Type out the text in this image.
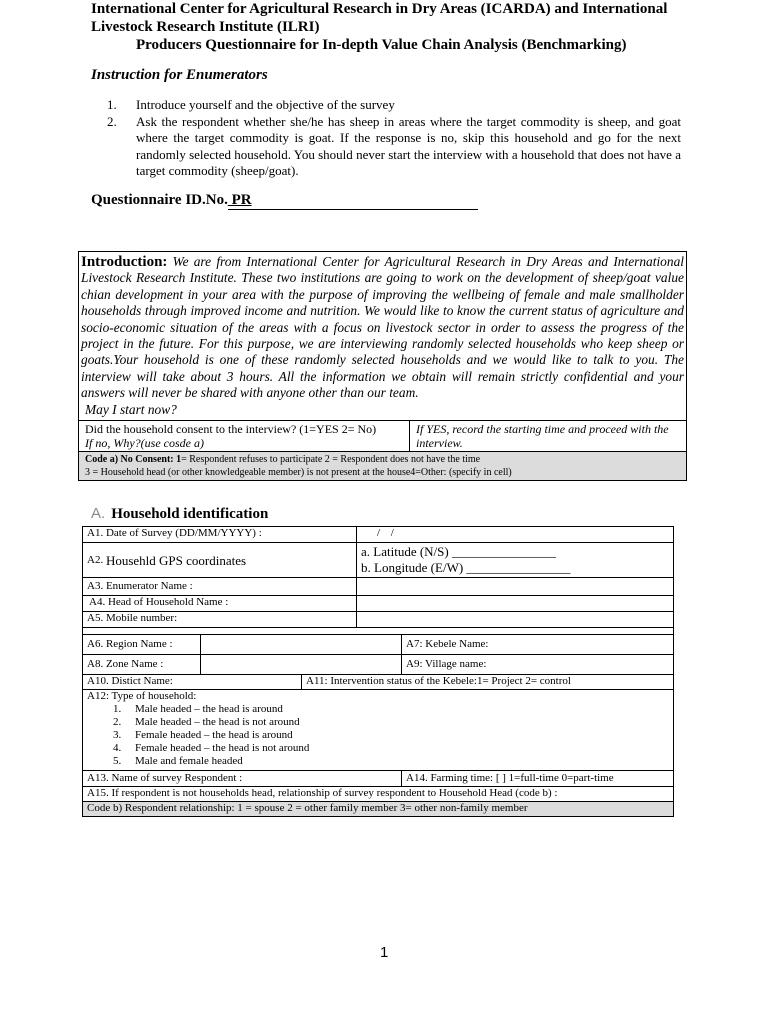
International Center for Agricultural Research in Dry Areas (ICARDA) and International
Livestock Research Institute (ILRI)
Producers Questionnaire for In-depth Value Chain Analysis (Benchmarking)
Instruction for Enumerators
1.	Introduce yourself and the objective of the survey
2.	Ask the respondent whether she/he has sheep in areas where the target commodity is sheep, and goat where the target commodity is goat. If the response is no, skip this household and go for the next randomly selected household. You should never start the interview with a household that does not have a target commodity (sheep/goat).
Questionnaire ID.No. PR
Introduction: We are from International Center for Agricultural Research in Dry Areas and International Livestock Research Institute. These two institutions are going to work on the development of sheep/goat value chian development in your area with the purpose of improving the wellbeing of female and male smallholder households through improved income and nutrition. We would like to know the current status of agriculture and socio-economic situation of the areas with a focus on livestock sector in order to assess the progress of the project in the future. For this purpose, we are interviewing randomly selected households who keep sheep or goats.Your household is one of these randomly selected households and we would like to talk to you. The interview will take about 3 hours. All the information we obtain will remain strictly confidential and your answers will never be shared with anyone other than our team.
May I start now?
Did the household consent to the interview? (1=YES 2= No)
If no, Why?(use cosde a)
If YES, record the starting time and proceed with the interview.
Code a) No Consent: 1= Respondent refuses to participate 2 = Respondent does not have the time
3 = Household head (or other knowledgeable member) is not present at the house4=Other: (specify in cell)
A. Household identification
A1. Date of Survey (DD/MM/YYYY) :	/ /
A2.
Househld GPS coordinates
a. Latitude (N/S) ________________
b. Longitude (E/W) ________________
A3. Enumerator Name :
A4. Head of Household Name :
A5. Mobile number:
A6. Region Name :	A7: Kebele Name:
A8. Zone Name :	A9: Village name:
A10. Distict Name:	A11: Intervention status of the Kebele:1= Project 2= control
A12: Type of household:
1.	Male headed – the head is around
2.	Male headed – the head is not around
3.	Female headed – the head is around
4.	Female headed – the head is not around
5.	Male and female headed
A13. Name of survey Respondent :	A14. Farming time: [ ] 1=full-time 0=part-time
A15. If respondent is not households head, relationship of survey respondent to Household Head (code b) :
Code b) Respondent relationship: 1 = spouse 2 = other family member 3= other non-family member
1
